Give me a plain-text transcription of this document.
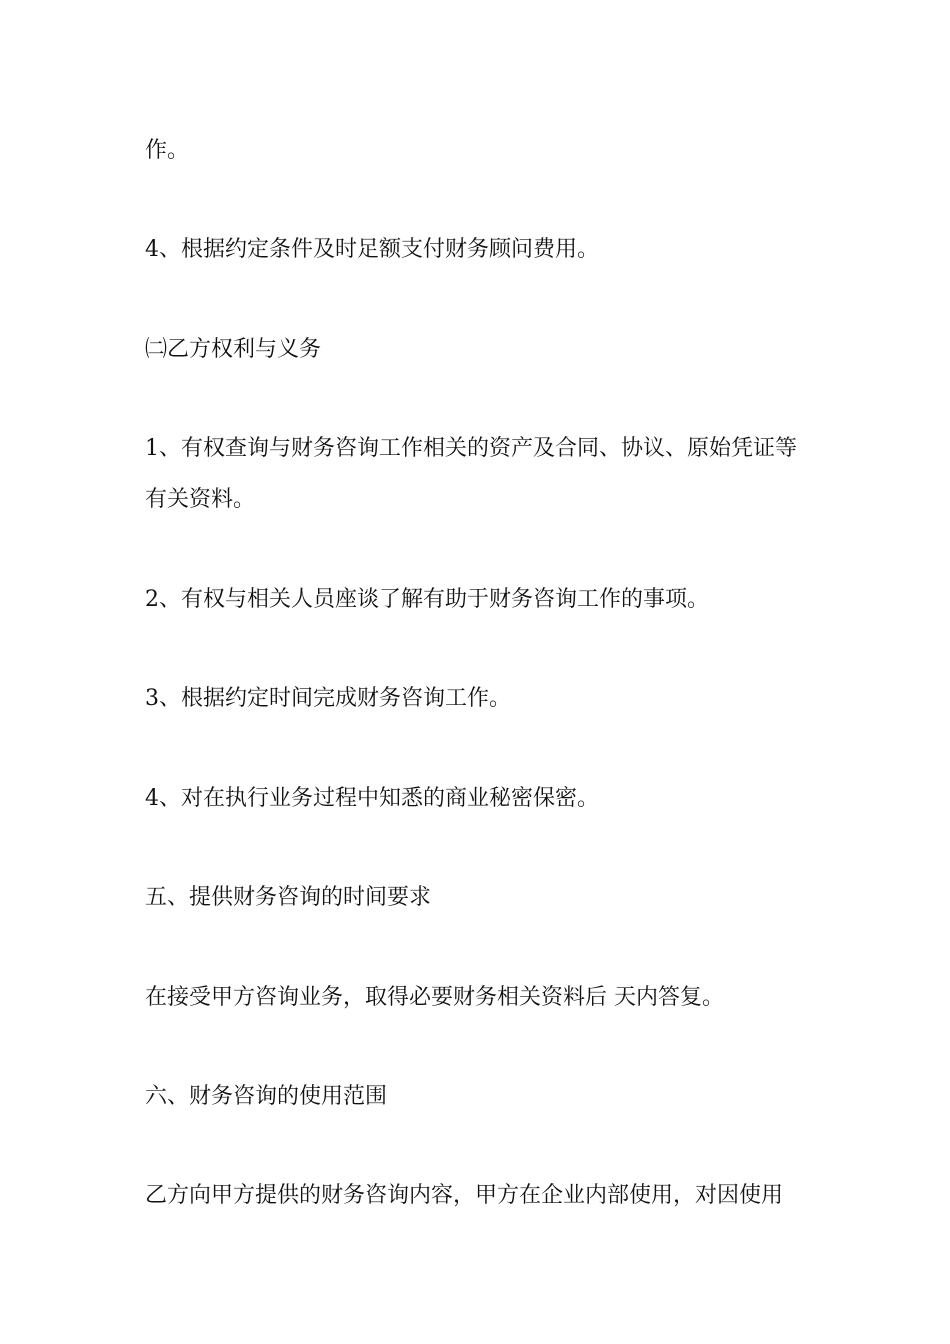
作。

4、根据约定条件及时足额支付财务顾问费用。

㈡乙方权利与义务

1、有权查询与财务咨询工作相关的资产及合同、协议、原始凭证等

有关资料。

2、有权与相关人员座谈了解有助于财务咨询工作的事项。

3、根据约定时间完成财务咨询工作。

4、对在执行业务过程中知悉的商业秘密保密。

五、提供财务咨询的时间要求

在接受甲方咨询业务，取得必要财务相关资料后 天内答复。

六、财务咨询的使用范围

乙方向甲方提供的财务咨询内容，甲方在企业内部使用，对因使用
